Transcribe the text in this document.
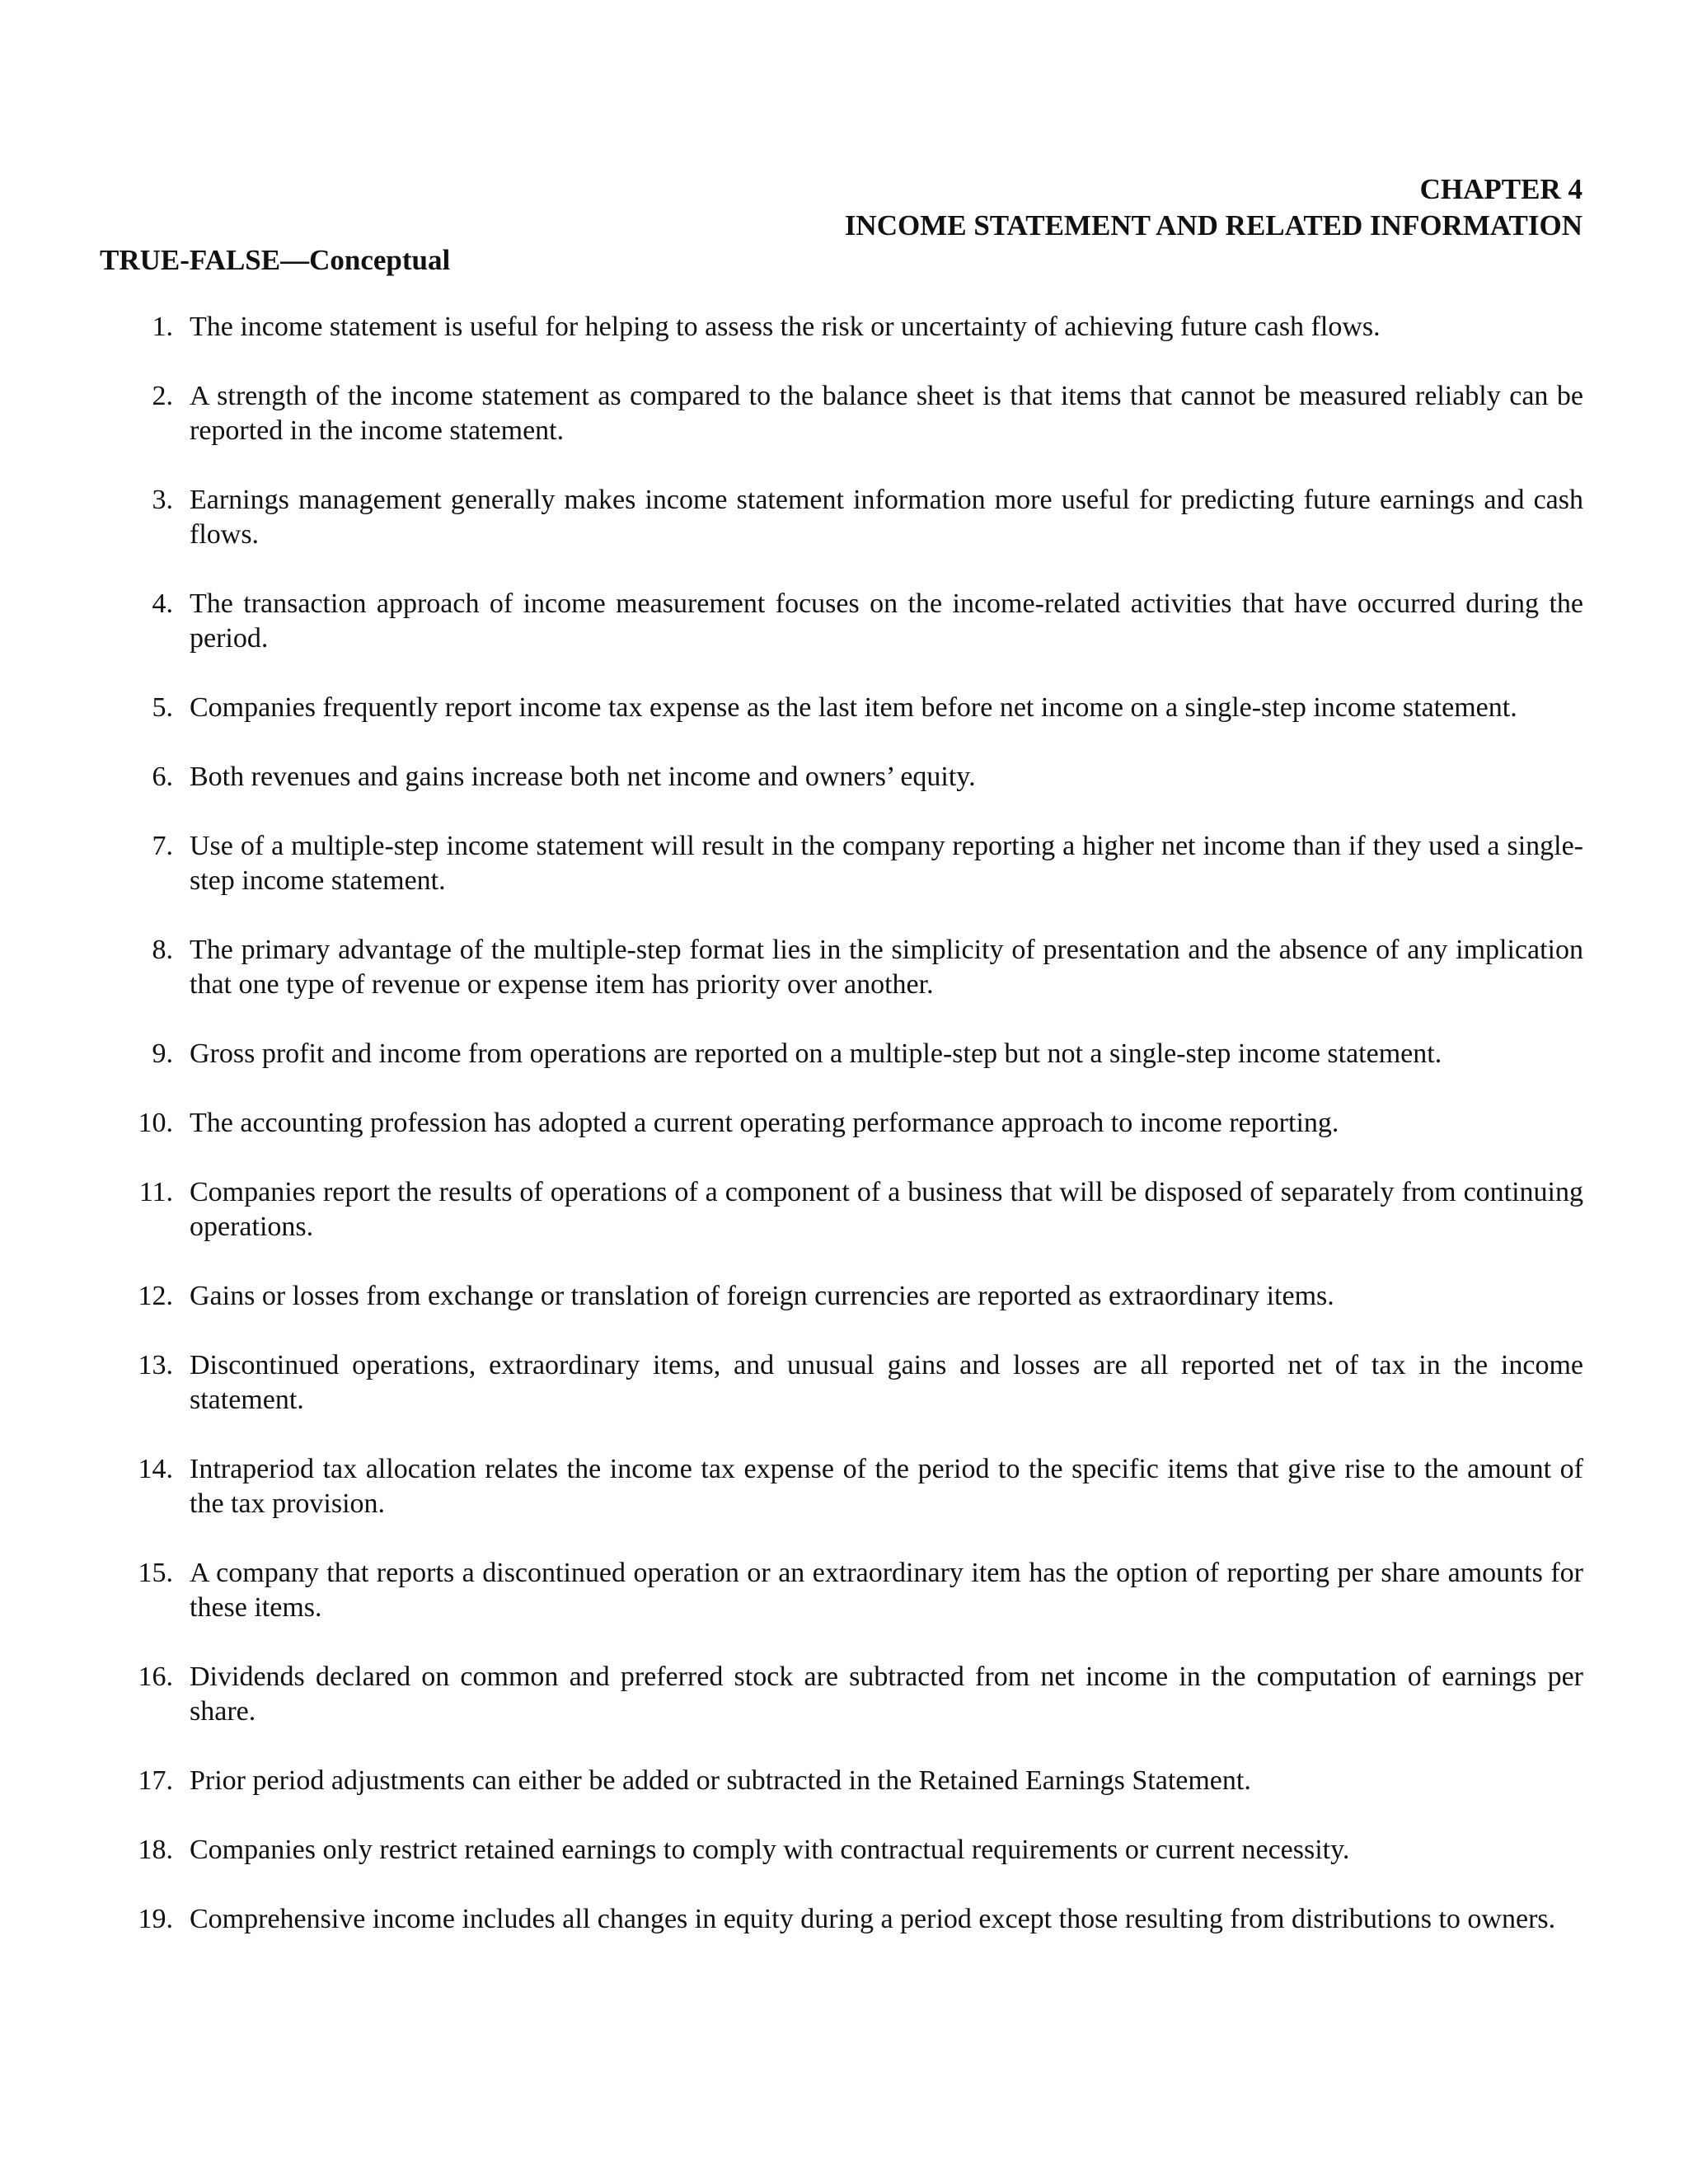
CHAPTER 4
INCOME STATEMENT AND RELATED INFORMATION
TRUE-FALSE—Conceptual
1. The income statement is useful for helping to assess the risk or uncertainty of achieving future cash flows.
2. A strength of the income statement as compared to the balance sheet is that items that cannot be measured reliably can be reported in the income statement.
3. Earnings management generally makes income statement information more useful for predicting future earnings and cash flows.
4. The transaction approach of income measurement focuses on the income-related activities that have occurred during the period.
5. Companies frequently report income tax expense as the last item before net income on a single-step income statement.
6. Both revenues and gains increase both net income and owners’ equity.
7. Use of a multiple-step income statement will result in the company reporting a higher net income than if they used a single-step income statement.
8. The primary advantage of the multiple-step format lies in the simplicity of presentation and the absence of any implication that one type of revenue or expense item has priority over another.
9. Gross profit and income from operations are reported on a multiple-step but not a single-step income statement.
10. The accounting profession has adopted a current operating performance approach to income reporting.
11. Companies report the results of operations of a component of a business that will be disposed of separately from continuing operations.
12. Gains or losses from exchange or translation of foreign currencies are reported as extraordinary items.
13. Discontinued operations, extraordinary items, and unusual gains and losses are all reported net of tax in the income statement.
14. Intraperiod tax allocation relates the income tax expense of the period to the specific items that give rise to the amount of the tax provision.
15. A company that reports a discontinued operation or an extraordinary item has the option of reporting per share amounts for these items.
16. Dividends declared on common and preferred stock are subtracted from net income in the computation of earnings per share.
17. Prior period adjustments can either be added or subtracted in the Retained Earnings Statement.
18. Companies only restrict retained earnings to comply with contractual requirements or current necessity.
19. Comprehensive income includes all changes in equity during a period except those resulting from distributions to owners.
